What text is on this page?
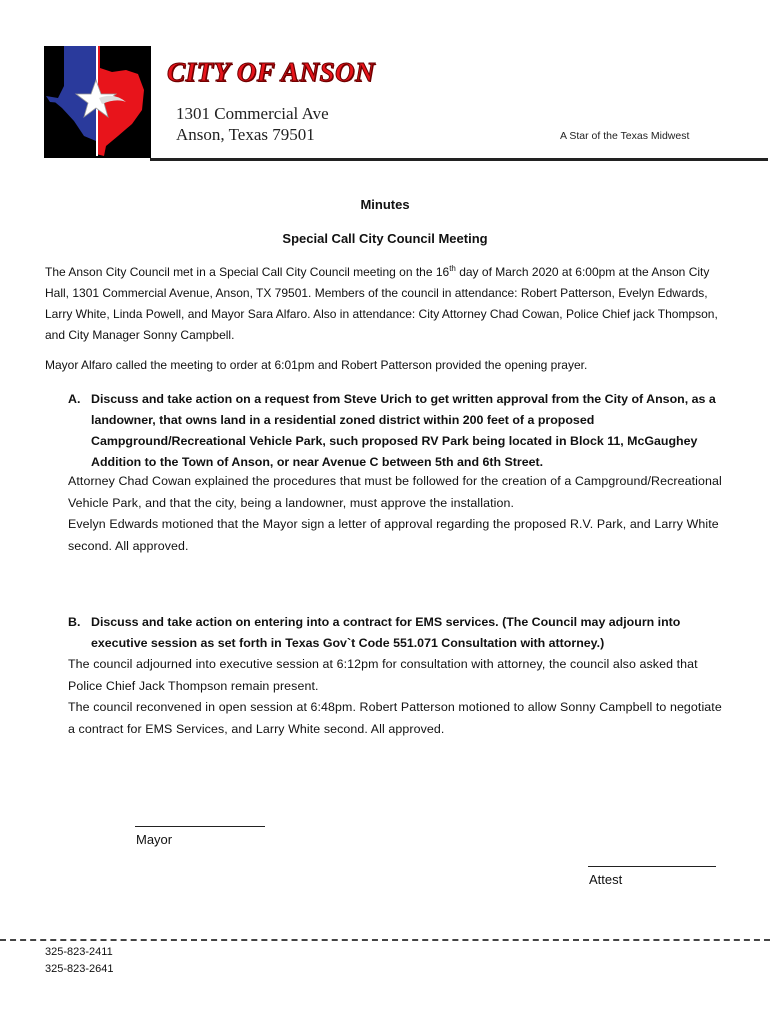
CITY OF ANSON
1301 Commercial Ave
Anson, Texas 79501	A Star of the Texas Midwest
Minutes
Special Call City Council Meeting
The Anson City Council met in a Special Call City Council meeting on the 16th day of March 2020 at 6:00pm at the Anson City Hall, 1301 Commercial Avenue, Anson, TX 79501. Members of the council in attendance: Robert Patterson, Evelyn Edwards, Larry White, Linda Powell, and Mayor Sara Alfaro. Also in attendance: City Attorney Chad Cowan, Police Chief jack Thompson, and City Manager Sonny Campbell.
Mayor Alfaro called the meeting to order at 6:01pm and Robert Patterson provided the opening prayer.
A. Discuss and take action on a request from Steve Urich to get written approval from the City of Anson, as a landowner, that owns land in a residential zoned district within 200 feet of a proposed Campground/Recreational Vehicle Park, such proposed RV Park being located in Block 11, McGaughey Addition to the Town of Anson, or near Avenue C between 5th and 6th Street.

Attorney Chad Cowan explained the procedures that must be followed for the creation of a Campground/Recreational Vehicle Park, and that the city, being a landowner, must approve the installation.

Evelyn Edwards motioned that the Mayor sign a letter of approval regarding the proposed R.V. Park, and Larry White second. All approved.

B. Discuss and take action on entering into a contract for EMS services. (The Council may adjourn into executive session as set forth in Texas Gov`t Code 551.071 Consultation with attorney.)

The council adjourned into executive session at 6:12pm for consultation with attorney, the council also asked that Police Chief Jack Thompson remain present.

The council reconvened in open session at 6:48pm. Robert Patterson motioned to allow Sonny Campbell to negotiate a contract for EMS Services, and Larry White second. All approved.

Mayor
Attest
325-823-2411
325-823-2641
